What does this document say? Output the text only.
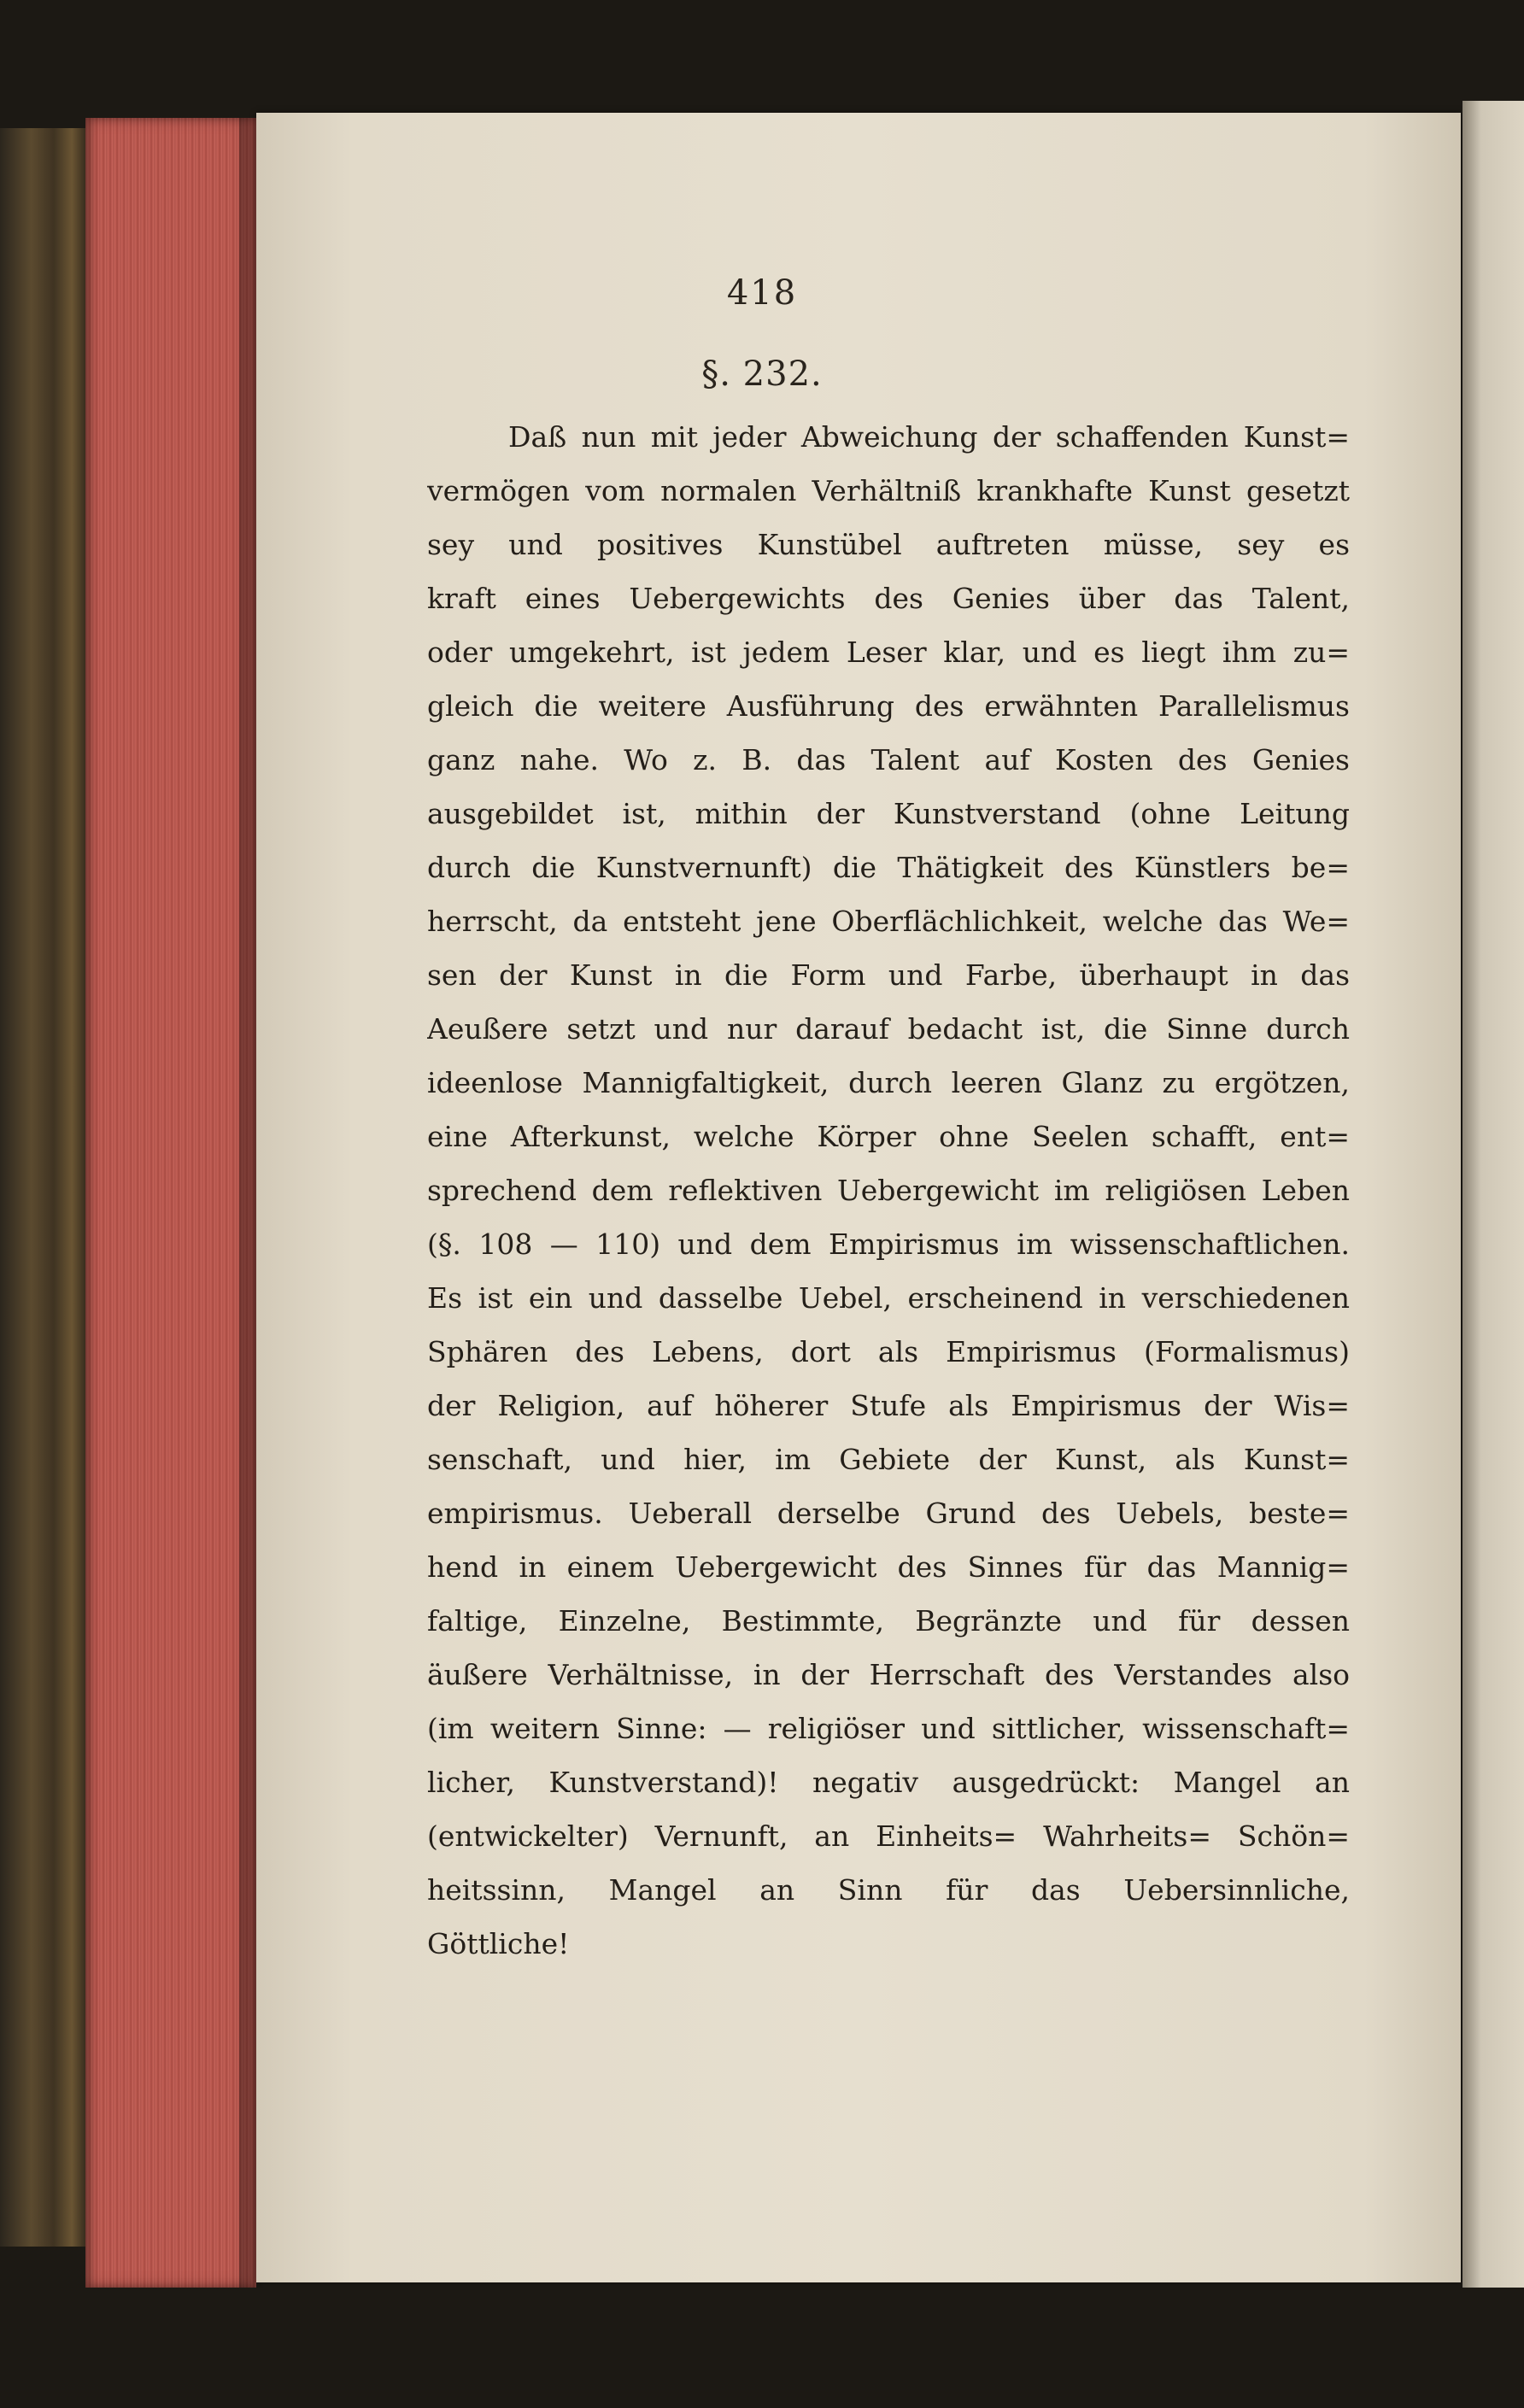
418
§. 232.
Daß nun mit jeder Abweichung der schaffenden Kunst=
vermögen vom normalen Verhältniß krankhafte Kunst gesetzt
sey und positives Kunstübel auftreten müsse, sey es
kraft eines Uebergewichts des Genies über das Talent,
oder umgekehrt, ist jedem Leser klar, und es liegt ihm zu=
gleich die weitere Ausführung des erwähnten Parallelismus
ganz nahe. Wo z. B. das Talent auf Kosten des Genies
ausgebildet ist, mithin der Kunstverstand (ohne Leitung
durch die Kunstvernunft) die Thätigkeit des Künstlers be=
herrscht, da entsteht jene Oberflächlichkeit, welche das We=
sen der Kunst in die Form und Farbe, überhaupt in das
Aeußere setzt und nur darauf bedacht ist, die Sinne durch
ideenlose Mannigfaltigkeit, durch leeren Glanz zu ergötzen,
eine Afterkunst, welche Körper ohne Seelen schafft, ent=
sprechend dem reflektiven Uebergewicht im religiösen Leben
(§. 108 — 110) und dem Empirismus im wissenschaftlichen.
Es ist ein und dasselbe Uebel, erscheinend in verschiedenen
Sphären des Lebens, dort als Empirismus (Formalismus)
der Religion, auf höherer Stufe als Empirismus der Wis=
senschaft, und hier, im Gebiete der Kunst, als Kunst=
empirismus. Ueberall derselbe Grund des Uebels, beste=
hend in einem Uebergewicht des Sinnes für das Mannig=
faltige, Einzelne, Bestimmte, Begränzte und für dessen
äußere Verhältnisse, in der Herrschaft des Verstandes also
(im weitern Sinne: — religiöser und sittlicher, wissenschaft=
licher, Kunstverstand)! negativ ausgedrückt: Mangel an
(entwickelter) Vernunft, an Einheits= Wahrheits= Schön=
heitssinn, Mangel an Sinn für das Uebersinnliche,
Göttliche!
